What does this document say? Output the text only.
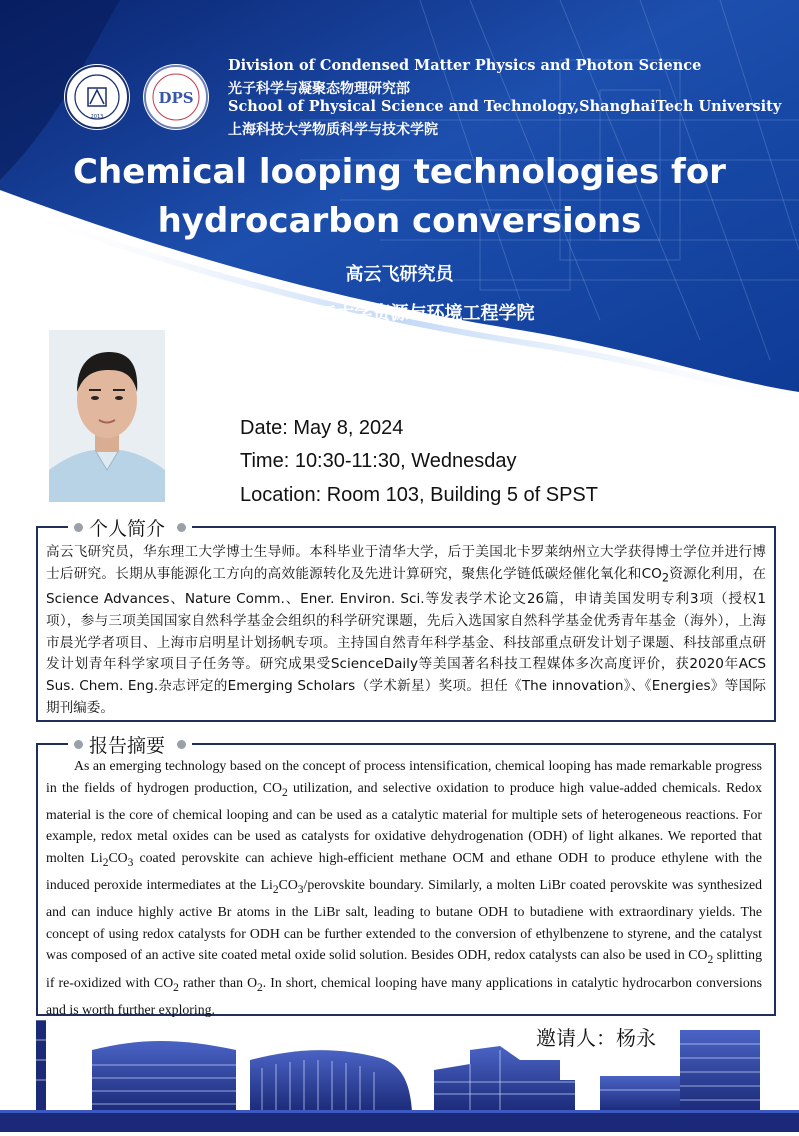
2013
DPS
Division of Condensed Matter Physics and Photon Science
光子科学与凝聚态物理研究部
School of Physical Science and Technology,ShanghaiTech University
上海科技大学物质科学与技术学院
Chemical looping technologies for
hydrocarbon conversions
高云飞研究员
华东理工大学资源与环境工程学院
Date: May 8, 2024
Time: 10:30-11:30, Wednesday
Location: Room 103, Building 5 of SPST
个人简介
高云飞研究员，华东理工大学博士生导师。本科毕业于清华大学，后于美国北卡罗莱纳州立大学获得博士学位并进行博士后研究。长期从事能源化工方向的高效能源转化及先进计算研究，聚焦化学链低碳烃催化氧化和$CO_2$资源化利用，在Science Advances、Nature Comm.、Ener. Environ. Sci.等发表学术论文26篇，申请美国发明专利3项（授权1项），参与三项美国国家自然科学基金会组织的科学研究课题，先后入选国家自然科学基金优秀青年基金（海外），上海市晨光学者项目、上海市启明星计划扬帆专项。主持国自然青年科学基金、科技部重点研发计划子课题、科技部重点研发计划青年科学家项目子任务等。研究成果受ScienceDaily等美国著名科技工程媒体多次高度评价，获2020年ACS Sus. Chem. Eng.杂志评定的Emerging Scholars（学术新星）奖项。担任《The innovation》、《Energies》等国际期刊编委。
报告摘要

As an emerging technology based on the concept of process intensification, chemical looping has made remarkable progress in the fields of hydrogen production, $CO_2$ utilization, and selective oxidation to produce high value-added chemicals. Redox material is the core of chemical looping and can be used as a catalytic material for multiple sets of heterogeneous reactions. For example, redox metal oxides can be used as catalysts for oxidative dehydrogenation (ODH) of light alkanes. We reported that molten $Li_2CO_3$ coated perovskite can achieve high-efficient methane OCM and ethane ODH to produce ethylene with the induced peroxide intermediates at the $Li_2CO_3$/perovskite boundary. Similarly, a molten LiBr coated perovskite was synthesized and can induce highly active Br atoms in the LiBr salt, leading to butane ODH to butadiene with extraordinary yields. The concept of using redox catalysts for ODH can be further extended to the conversion of ethylbenzene to styrene, and the catalyst was composed of an active site coated metal oxide solid solution. Besides ODH, redox catalysts can also be used in $CO_2$ splitting if re-oxidized with $CO_2$ rather than $O_2$. In short, chemical looping have many applications in catalytic hydrocarbon conversions and is worth further exploring.

邀请人：杨永
